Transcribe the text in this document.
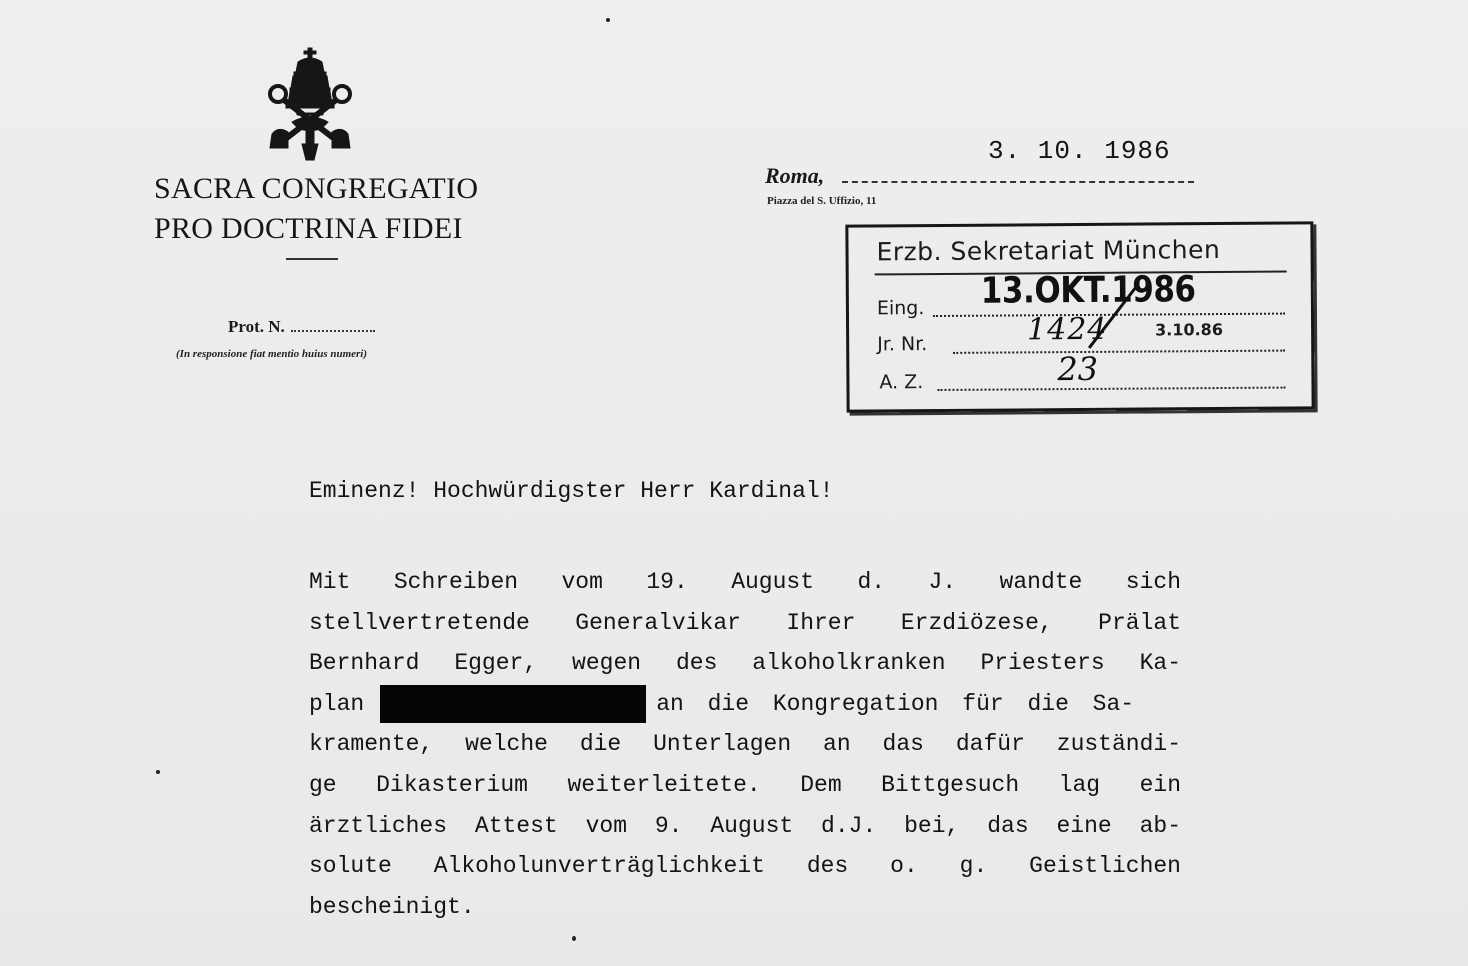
SACRA CONGREGATIO
PRO DOCTRINA FIDEI
Prot. N.
(In responsione fiat mentio huius numeri)
3. 10. 1986
Roma,
Piazza del S. Uffizio, 11
Erzb. Sekretariat München
Eing. 13.OKT.1986
Jr. Nr.	1424	3.10.86
A. Z.	23
Eminenz! Hochwürdigster Herr Kardinal!
Mit Schreiben vom 19. August d. J. wandte sich
stellvertretende Generalvikar Ihrer Erzdiözese, Prälat
Bernhard Egger, wegen des alkoholkranken Priesters Ka-
plan	an die Kongregation für die Sa-
kramente, welche die Unterlagen an das dafür zuständi-
ge Dikasterium weiterleitete. Dem Bittgesuch lag ein
ärztliches Attest vom 9. August d.J. bei, das eine ab-
solute Alkoholunverträglichkeit des o. g. Geistlichen
bescheinigt.
